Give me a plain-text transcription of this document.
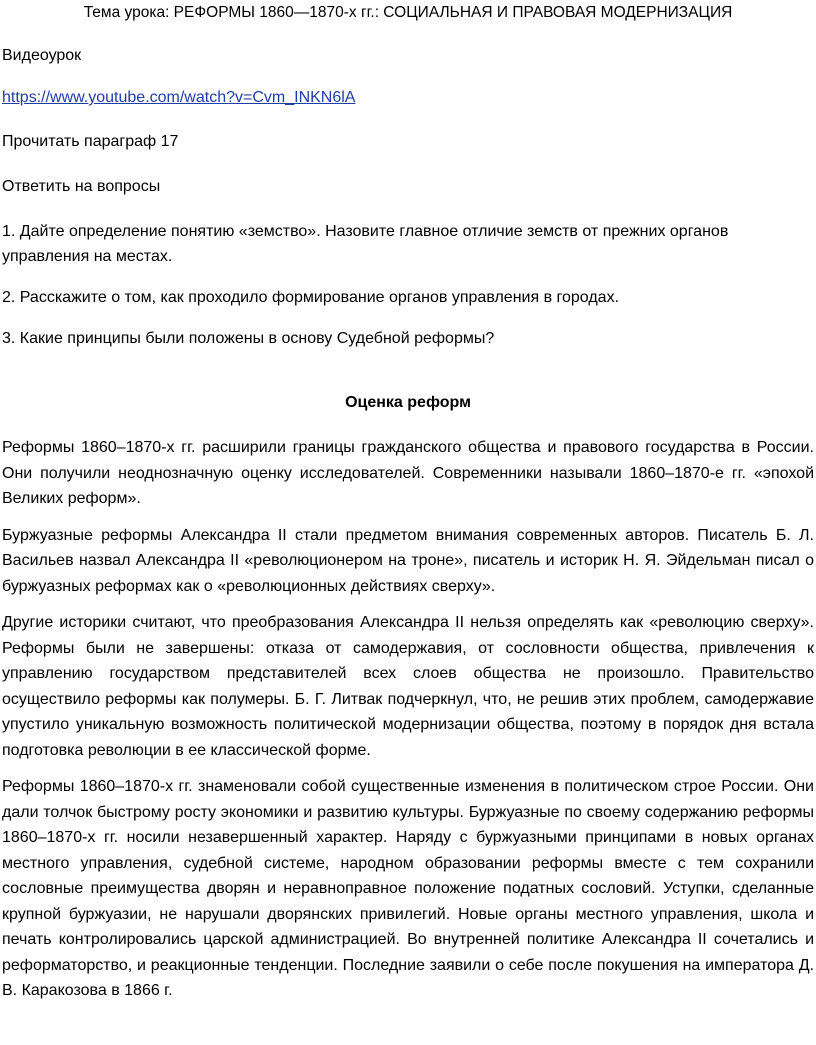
Тема урока: РЕФОРМЫ 1860—1870-х гг.: СОЦИАЛЬНАЯ И ПРАВОВАЯ МОДЕРНИЗАЦИЯ

Видеоурок

https://www.youtube.com/watch?v=Cvm_INKN6lA

Прочитать параграф 17

Ответить на вопросы

1. Дайте определение понятию «земство». Назовите главное отличие земств от прежних органов управления на местах.

2. Расскажите о том, как проходило формирование органов управления в городах.

3. Какие принципы были положены в основу Судебной реформы?

Оценка реформ

Реформы 1860–1870-х гг. расширили границы гражданского общества и правового государства в России. Они получили неоднозначную оценку исследователей. Современники называли 1860–1870-е гг. «эпохой Великих реформ».

Буржуазные реформы Александра II стали предметом внимания современных авторов. Писатель Б. Л. Васильев назвал Александра II «революционером на троне», писатель и историк Н. Я. Эйдельман писал о буржуазных реформах как о «революционных действиях сверху».

Другие историки считают, что преобразования Александра II нельзя определять как «революцию сверху». Реформы были не завершены: отказа от самодержавия, от сословности общества, привлечения к управлению государством представителей всех слоев общества не произошло. Правительство осуществило реформы как полумеры. Б. Г. Литвак подчеркнул, что, не решив этих проблем, самодержавие упустило уникальную возможность политической модернизации общества, поэтому в порядок дня встала подготовка революции в ее классической форме.

Реформы 1860–1870-х гг. знаменовали собой существенные изменения в политическом строе России. Они дали толчок быстрому росту экономики и развитию культуры. Буржуазные по своему содержанию реформы 1860–1870-х гг. носили незавершенный характер. Наряду с буржуазными принципами в новых органах местного управления, судебной системе, народном образовании реформы вместе с тем сохранили сословные преимущества дворян и неравноправное положение податных сословий. Уступки, сделанные крупной буржуазии, не нарушали дворянских привилегий. Новые органы местного управления, школа и печать контролировались царской администрацией. Во внутренней политике Александра II сочетались и реформаторство, и реакционные тенденции. Последние заявили о себе после покушения на императора Д. В. Каракозова в 1866 г.
